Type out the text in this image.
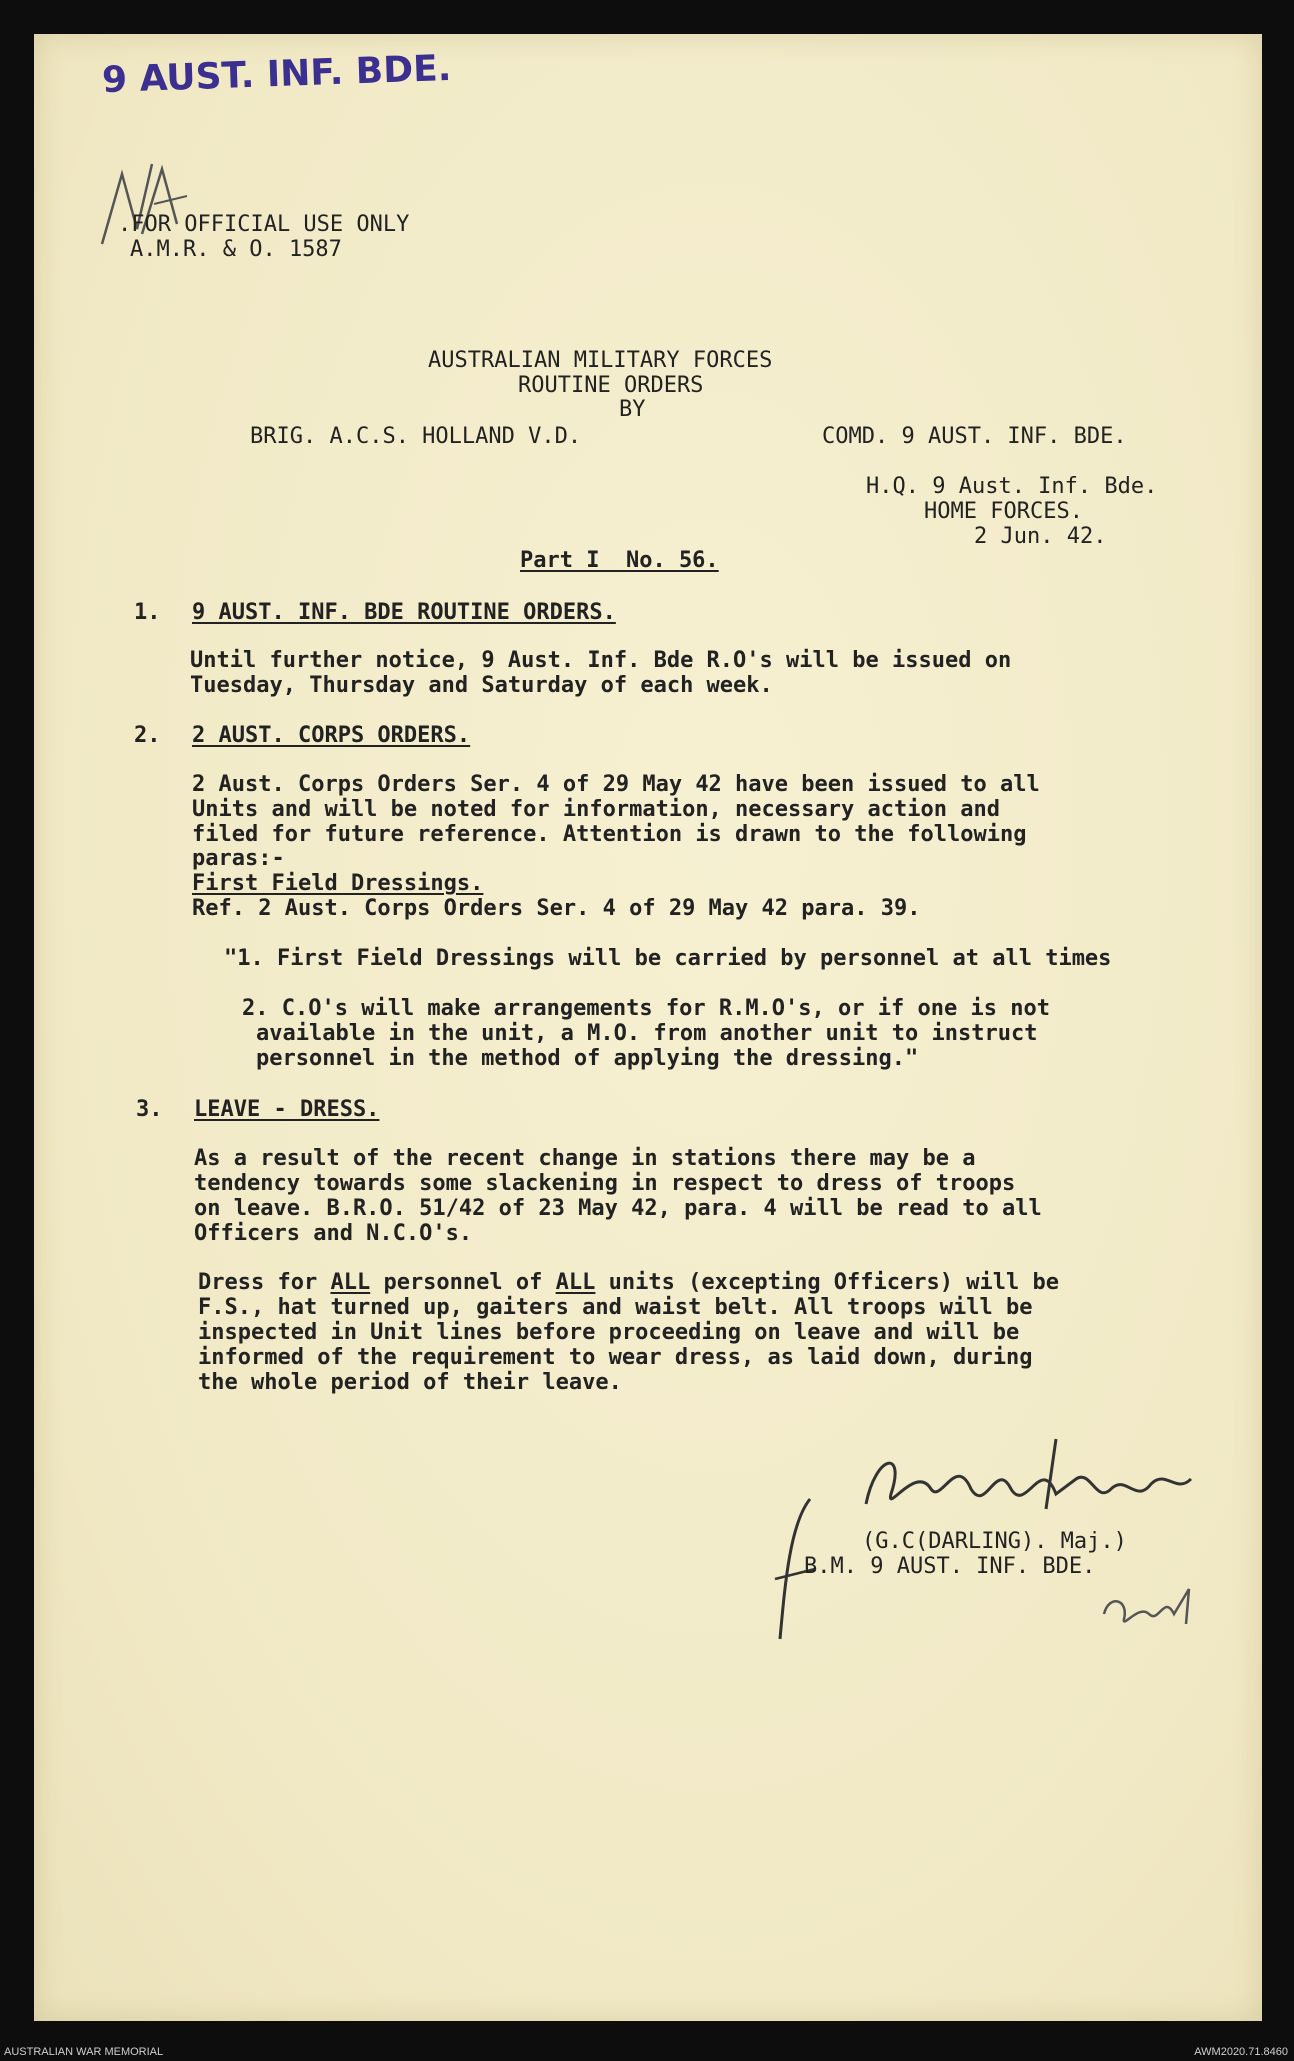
9 AUST. INF. BDE.
.FOR OFFICIAL USE ONLY
A.M.R. & O. 1587
AUSTRALIAN MILITARY FORCES
ROUTINE ORDERS
BY
BRIG. A.C.S. HOLLAND V.D.	COMD. 9 AUST. INF. BDE.
H.Q. 9 Aust. Inf. Bde.
HOME FORCES.
2 Jun. 42.
Part I  No. 56.
1. 9 AUST. INF. BDE ROUTINE ORDERS.
Until further notice, 9 Aust. Inf. Bde R.O's will be issued on
Tuesday, Thursday and Saturday of each week.
2. 2 AUST. CORPS ORDERS.
2 Aust. Corps Orders Ser. 4 of 29 May 42 have been issued to all
Units and will be noted for information, necessary action and
filed for future reference. Attention is drawn to the following
paras:-
First Field Dressings.
Ref. 2 Aust. Corps Orders Ser. 4 of 29 May 42 para. 39.
"1. First Field Dressings will be carried by personnel at all times
2. C.O's will make arrangements for R.M.O's, or if one is not
available in the unit, a M.O. from another unit to instruct
personnel in the method of applying the dressing."
3. LEAVE - DRESS.
As a result of the recent change in stations there may be a
tendency towards some slackening in respect to dress of troops
on leave. B.R.O. 51/42 of 23 May 42, para. 4 will be read to all
Officers and N.C.O's.
Dress for ALL personnel of ALL units (excepting Officers) will be
F.S., hat turned up, gaiters and waist belt. All troops will be
inspected in Unit lines before proceeding on leave and will be
informed of the requirement to wear dress, as laid down, during
the whole period of their leave.
(G.C(DARLING). Maj.)
B.M. 9 AUST. INF. BDE.
AUSTRALIAN WAR MEMORIAL	AWM2020.71.8460
